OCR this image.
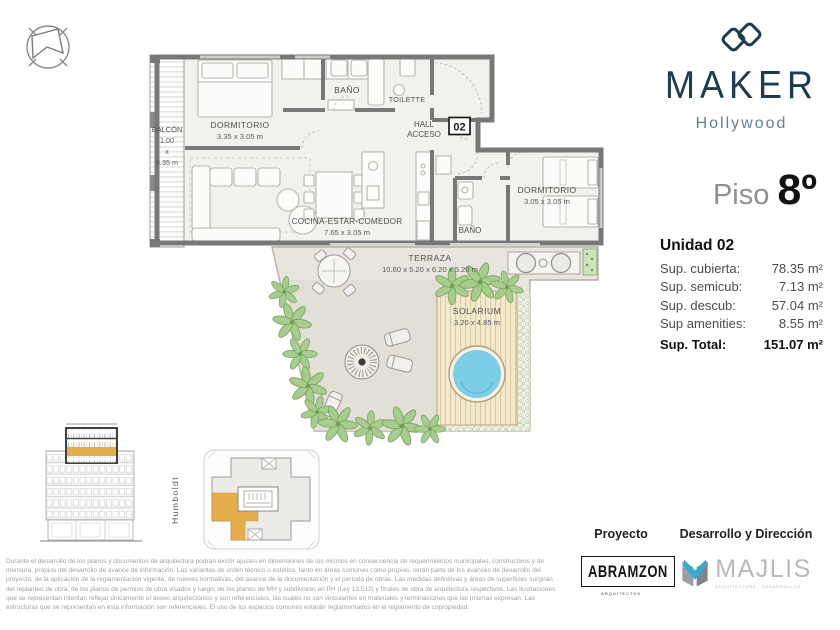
TERRAZA
10.60 x 5.20 x 6.20 x 5.20 m
SOLARIUM
3.20 x 4.85 m
02
BALCÓN
1.00
x
6.35 m
DORMITORIO
3.35 x 3.05 m
BAÑO
TOILETTE
HALL
ACCESO
COCINA-ESTAR-COMEDOR
7.65 x 3.05 m
DORMITORIO
3.05 x 3.05 m
BAÑO
Humboldt
MAKER
Hollywood
Piso 8º
Unidad 02
Sup. cubierta: 78.35 m²
Sup. semicub:	7.13 m²
Sup. descub:	57.04 m²
Sup amenities:	8.55 m²
Sup. Total:	151.07 m²
Durante el desarrollo de los planos y documentos de arquitectura podrán existir ajustes en dimensiones de los mismos en consecuencia de requerimientos municipales, constructivos y de mensura, propios del desarrollo de avance de información. Las variantes de orden técnico o estético, tanto en áreas comunes como propias, serán parte de los avances de desarrollo del proyecto, de la aplicación de la reglamentación vigente, de nuevas normativas, del avance de la documentación y el período de obras. Las medidas definitivas y áreas de superficies surgirán del replanteo de obra, de los planos de permiso de obra visados y luego, de los planos de MH y subdivisión en PH (Ley 13.512) y finales de obra de arquitectura respectivos. Las ilustraciones que se representan intentan reflejar únicamente el deseo arquitectónico y son referenciales, las cuales no son vinculantes en materiales y terminaciones que las mismas expresan. Las estructuras que se representan en esta información son referenciales. El uso de los espacios comunes estarán reglamentados en el reglamento de copropiedad.
Proyecto
ABRAMZON
ARQUITECTOS
Desarrollo y Dirección
MAJLIS
ARQUITECTURA · DESARROLLOS
